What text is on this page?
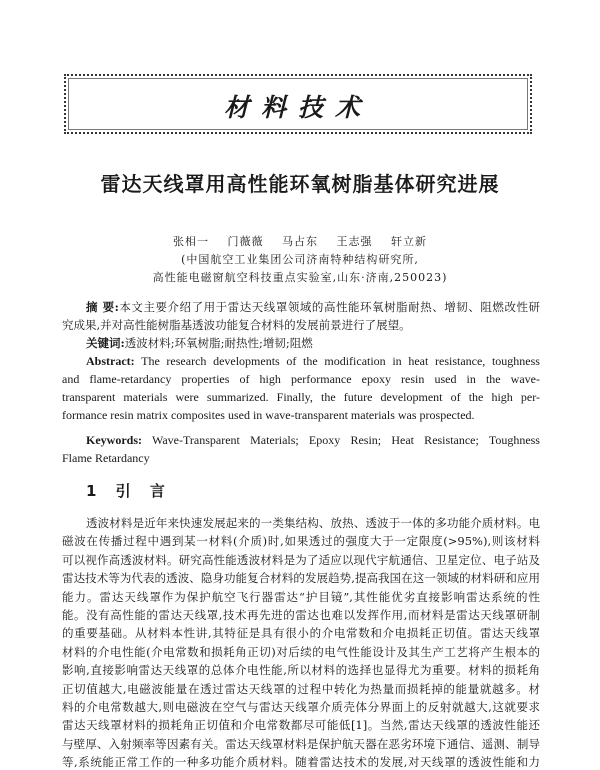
材料技术
雷达天线罩用高性能环氧树脂基体研究进展
张相一 门薇薇 马占东 王志强 轩立新
(中国航空工业集团公司济南特种结构研究所,
高性能电磁窗航空科技重点实验室,山东·济南,250023)
摘 要:本文主要介绍了用于雷达天线罩领域的高性能环氧树脂耐热、增韧、阻燃改性研
究成果,并对高性能树脂基透波功能复合材料的发展前景进行了展望。
关键词:透波材料;环氧树脂;耐热性;增韧;阻燃
Abstract: The research developments of the modification in heat resistance, toughness
and flame-retardancy properties of high performance epoxy resin used in the wave-
transparent materials were summarized. Finally, the future development of the high per-
formance resin matrix composites used in wave-transparent materials was prospected.
Keywords: Wave-Transparent Materials; Epoxy Resin; Heat Resistance; Toughness
Flame Retardancy
1 引 言
透波材料是近年来快速发展起来的一类集结构、放热、透波于一体的多功能介质材料。电
磁波在传播过程中遇到某一材料(介质)时,如果透过的强度大于一定限度(>95%),则该材料
可以视作高透波材料。研究高性能透波材料是为了适应以现代宇航通信、卫星定位、电子站及
雷达技术等为代表的透波、隐身功能复合材料的发展趋势,提高我国在这一领域的材料研和应用
能力。雷达天线罩作为保护航空飞行器雷达“护目镜”,其性能优劣直接影响雷达系统的性
能。没有高性能的雷达天线罩,技术再先进的雷达也难以发挥作用,而材料是雷达天线罩研制
的重要基础。从材料本性讲,其特征是具有很小的介电常数和介电损耗正切值。雷达天线罩
材料的介电性能(介电常数和损耗角正切)对后续的电气性能设计及其生产工艺将产生根本的
影响,直接影响雷达天线罩的总体介电性能,所以材料的选择也显得尤为重要。材料的损耗角
正切值越大,电磁波能量在透过雷达天线罩的过程中转化为热量而损耗掉的能量就越多。材
料的介电常数越大,则电磁波在空气与雷达天线罩介质壳体分界面上的反射就越大,这就要求
雷达天线罩材料的损耗角正切值和介电常数都尽可能低[1]。当然,雷达天线罩的透波性能还
与壁厚、入射频率等因素有关。雷达天线罩材料是保护航天器在恶劣环境下通信、遥测、制导
等,系统能正常工作的一种多功能介质材料。随着雷达技术的发展,对天线罩的透波性能和力
